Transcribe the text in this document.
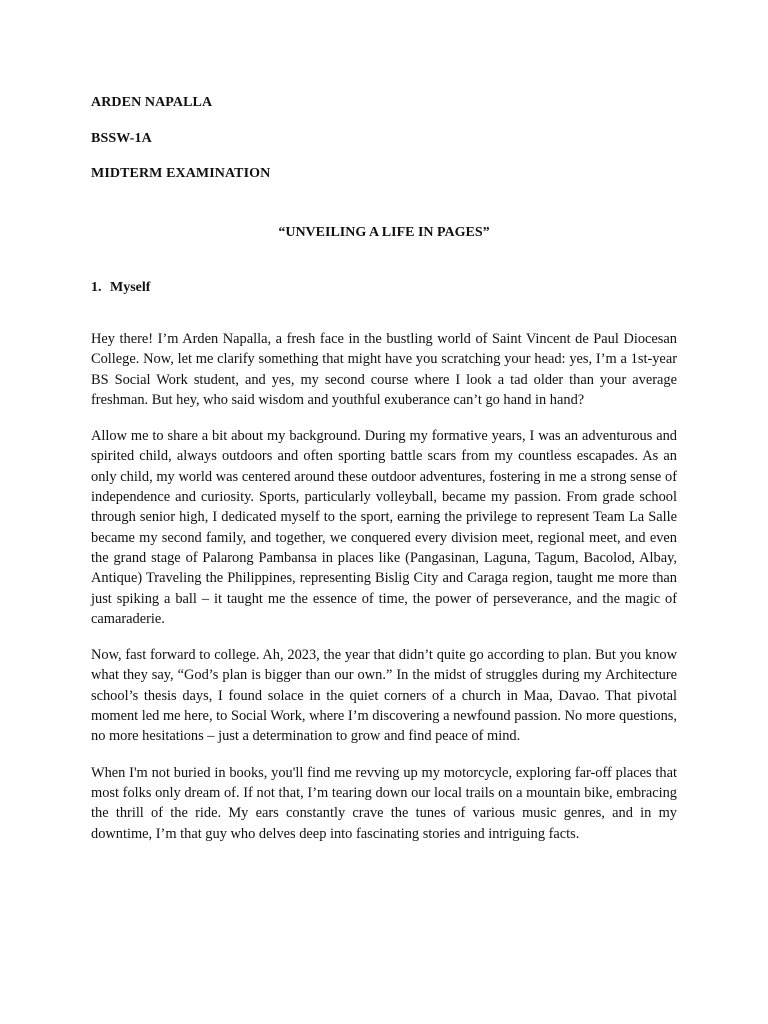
ARDEN NAPALLA
BSSW-1A
MIDTERM EXAMINATION
“UNVEILING A LIFE IN PAGES”
1. Myself

Hey there! I’m Arden Napalla, a fresh face in the bustling world of Saint Vincent de Paul Diocesan College. Now, let me clarify something that might have you scratching your head: yes, I’m a 1st-year BS Social Work student, and yes, my second course where I look a tad older than your average freshman. But hey, who said wisdom and youthful exuberance can’t go hand in hand?

Allow me to share a bit about my background. During my formative years, I was an adventurous and spirited child, always outdoors and often sporting battle scars from my countless escapades. As an only child, my world was centered around these outdoor adventures, fostering in me a strong sense of independence and curiosity. Sports, particularly volleyball, became my passion. From grade school through senior high, I dedicated myself to the sport, earning the privilege to represent Team La Salle became my second family, and together, we conquered every division meet, regional meet, and even the grand stage of Palarong Pambansa in places like (Pangasinan, Laguna, Tagum, Bacolod, Albay, Antique) Traveling the Philippines, representing Bislig City and Caraga region, taught me more than just spiking a ball – it taught me the essence of time, the power of perseverance, and the magic of camaraderie.

Now, fast forward to college. Ah, 2023, the year that didn’t quite go according to plan. But you know what they say, “God’s plan is bigger than our own.” In the midst of struggles during my Architecture school’s thesis days, I found solace in the quiet corners of a church in Maa, Davao. That pivotal moment led me here, to Social Work, where I’m discovering a newfound passion. No more questions, no more hesitations – just a determination to grow and find peace of mind.

When I'm not buried in books, you'll find me revving up my motorcycle, exploring far-off places that most folks only dream of. If not that, I’m tearing down our local trails on a mountain bike, embracing the thrill of the ride. My ears constantly crave the tunes of various music genres, and in my downtime, I’m that guy who delves deep into fascinating stories and intriguing facts.
